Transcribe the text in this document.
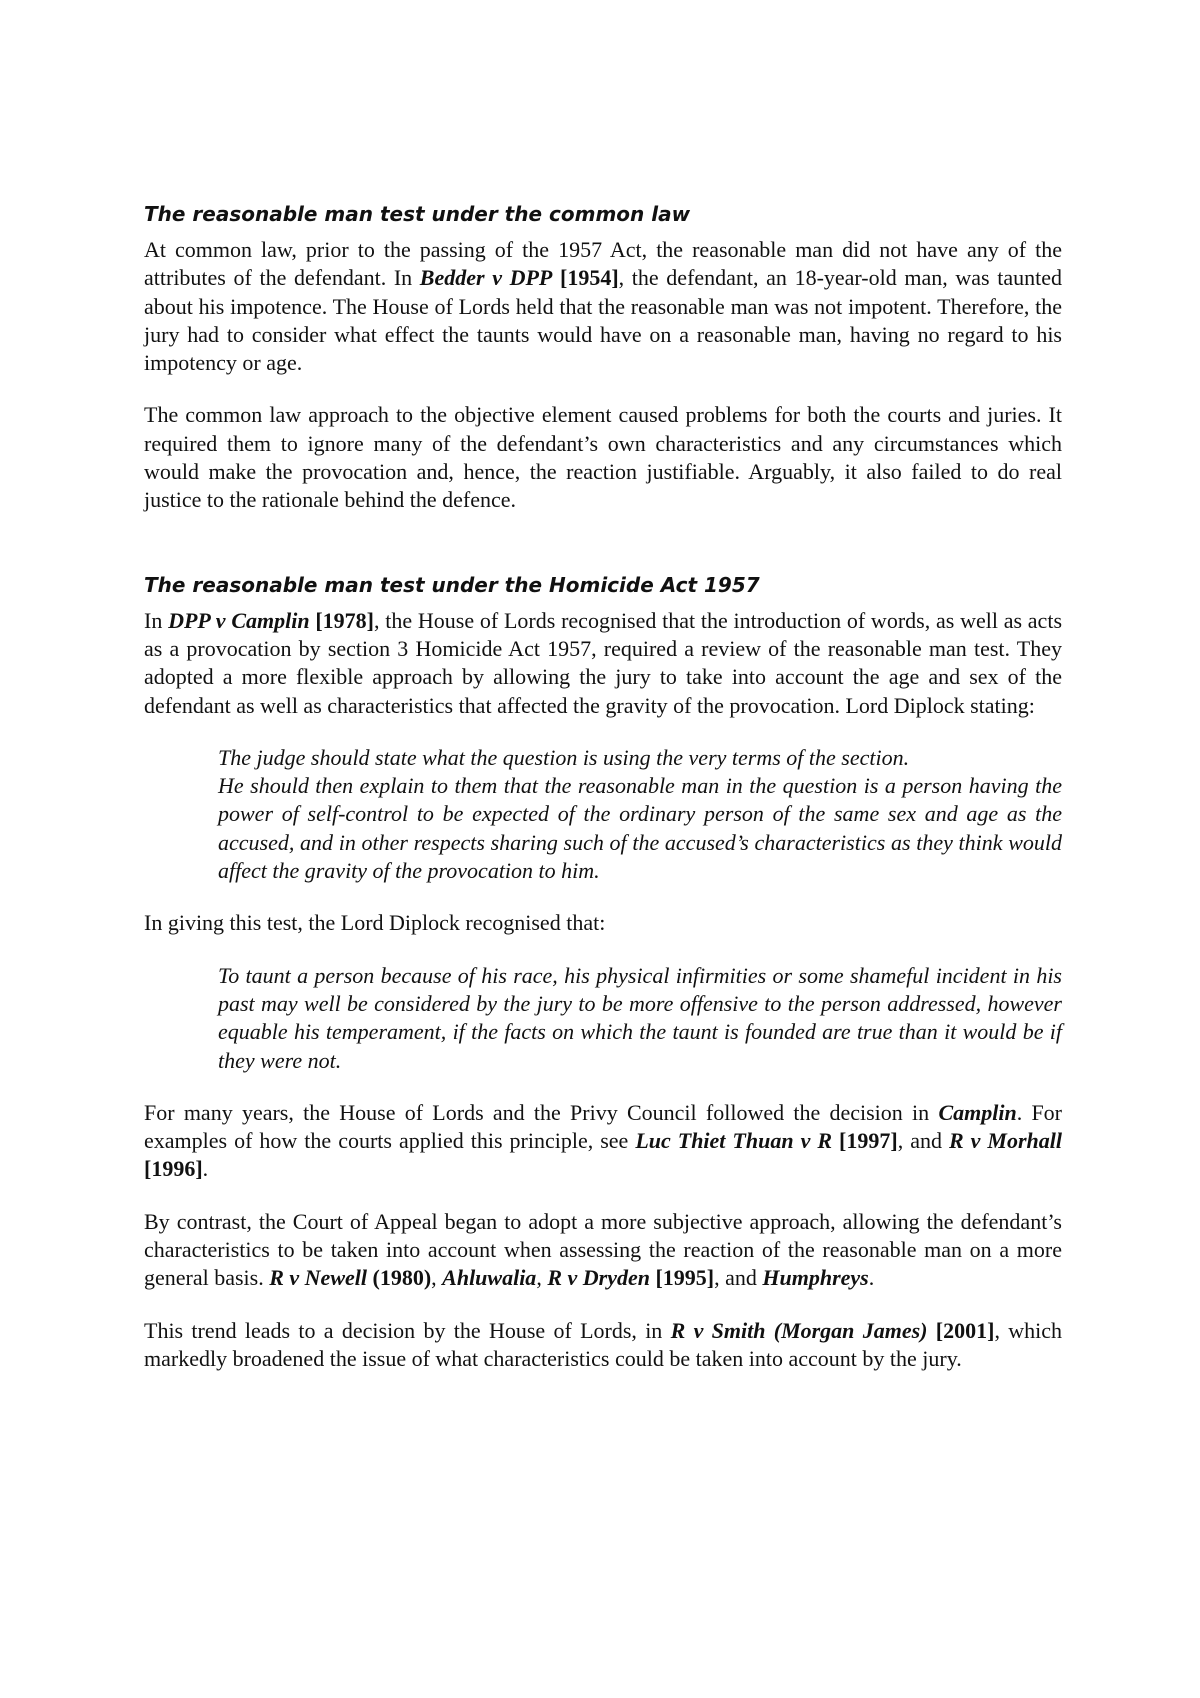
The reasonable man test under the common law

At common law, prior to the passing of the 1957 Act, the reasonable man did not have any of the attributes of the defendant. In Bedder v DPP [1954], the defendant, an 18-year-old man, was taunted about his impotence. The House of Lords held that the reasonable man was not impotent. Therefore, the jury had to consider what effect the taunts would have on a reasonable man, having no regard to his impotency or age.

The common law approach to the objective element caused problems for both the courts and juries. It required them to ignore many of the defendant’s own characteristics and any circumstances which would make the provocation and, hence, the reaction justifiable. Arguably, it also failed to do real justice to the rationale behind the defence.

The reasonable man test under the Homicide Act 1957

In DPP v Camplin [1978], the House of Lords recognised that the introduction of words, as well as acts as a provocation by section 3 Homicide Act 1957, required a review of the reasonable man test. They adopted a more flexible approach by allowing the jury to take into account the age and sex of the defendant as well as characteristics that affected the gravity of the provocation. Lord Diplock stating:

The judge should state what the question is using the very terms of the section.
He should then explain to them that the reasonable man in the question is a person having the power of self-control to be expected of the ordinary person of the same sex and age as the accused, and in other respects sharing such of the accused’s characteristics as they think would affect the gravity of the provocation to him.

In giving this test, the Lord Diplock recognised that:

To taunt a person because of his race, his physical infirmities or some shameful incident in his past may well be considered by the jury to be more offensive to the person addressed, however equable his temperament, if the facts on which the taunt is founded are true than it would be if they were not.

For many years, the House of Lords and the Privy Council followed the decision in Camplin. For examples of how the courts applied this principle, see Luc Thiet Thuan v R [1997], and R v Morhall [1996].

By contrast, the Court of Appeal began to adopt a more subjective approach, allowing the defendant’s characteristics to be taken into account when assessing the reaction of the reasonable man on a more general basis. R v Newell (1980), Ahluwalia, R v Dryden [1995], and Humphreys.

This trend leads to a decision by the House of Lords, in R v Smith (Morgan James) [2001], which markedly broadened the issue of what characteristics could be taken into account by the jury.
